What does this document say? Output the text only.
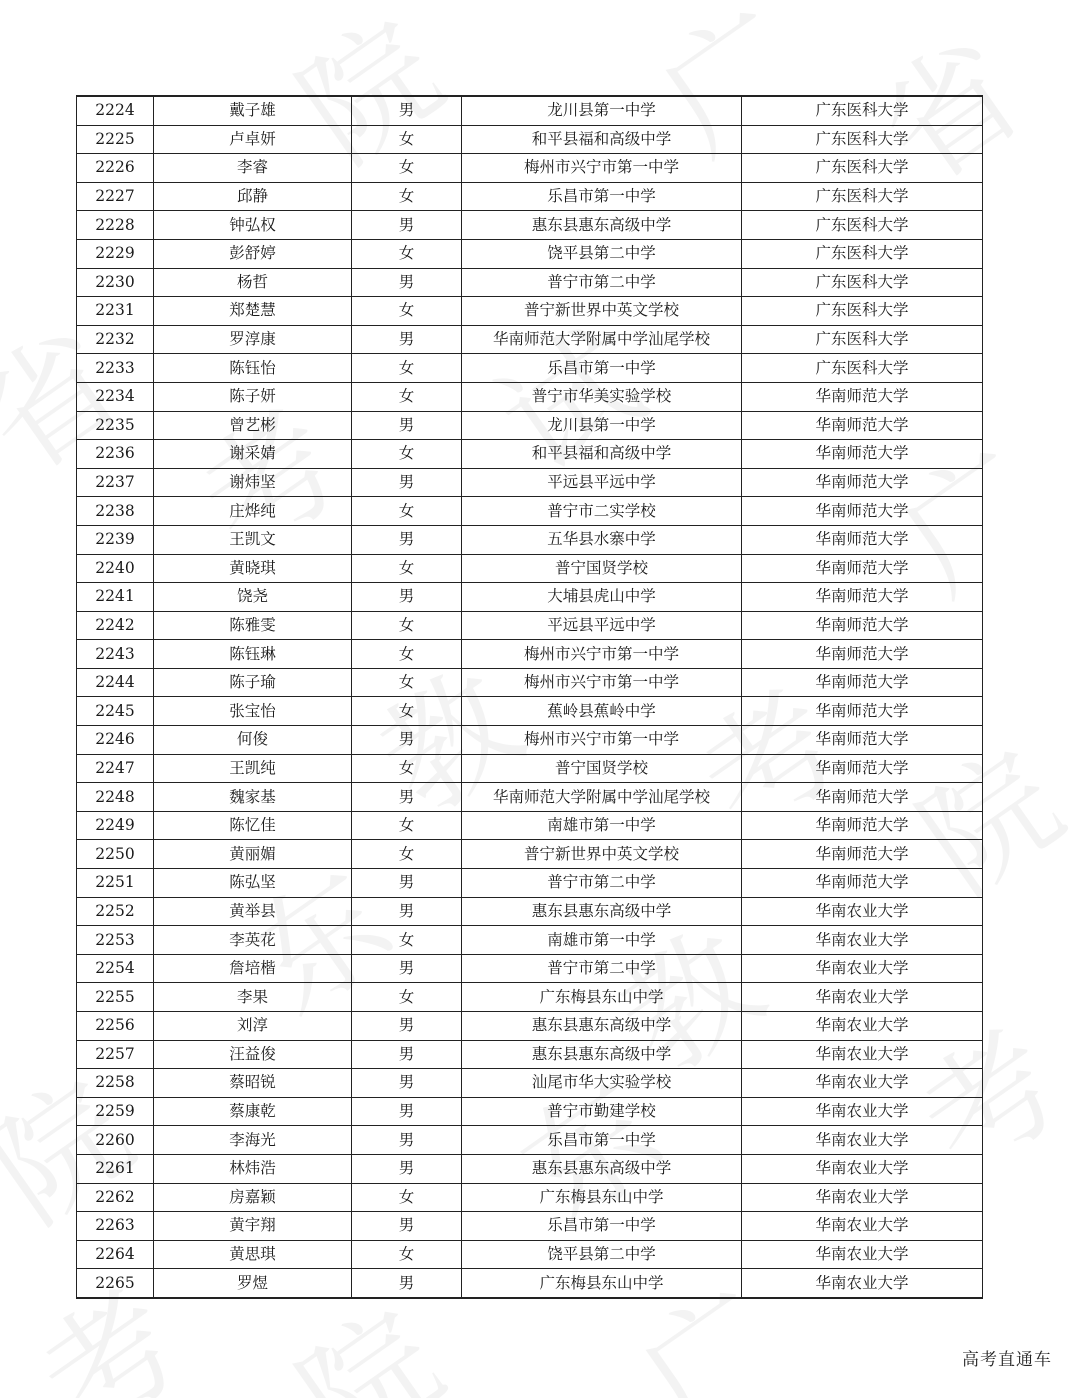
2224	戴子雄	男	龙川县第一中学	广东医科大学
2225	卢卓妍	女	和平县福和高级中学	广东医科大学
2226	李睿	女	梅州市兴宁市第一中学	广东医科大学
2227	邱静	女	乐昌市第一中学	广东医科大学
2228	钟弘权	男	惠东县惠东高级中学	广东医科大学
2229	彭舒婷	女	饶平县第二中学	广东医科大学
2230	杨哲	男	普宁市第二中学	广东医科大学
2231	郑楚慧	女	普宁新世界中英文学校	广东医科大学
2232	罗淳康	男	华南师范大学附属中学汕尾学校	广东医科大学
2233	陈钰怡	女	乐昌市第一中学	广东医科大学
2234	陈子妍	女	普宁市华美实验学校	华南师范大学
2235	曾艺彬	男	龙川县第一中学	华南师范大学
2236	谢采婧	女	和平县福和高级中学	华南师范大学
2237	谢炜坚	男	平远县平远中学	华南师范大学
2238	庄烨纯	女	普宁市二实学校	华南师范大学
2239	王凯文	男	五华县水寨中学	华南师范大学
2240	黄晓琪	女	普宁国贤学校	华南师范大学
2241	饶尧	男	大埔县虎山中学	华南师范大学
2242	陈雅雯	女	平远县平远中学	华南师范大学
2243	陈钰琳	女	梅州市兴宁市第一中学	华南师范大学
2244	陈子瑜	女	梅州市兴宁市第一中学	华南师范大学
2245	张宝怡	女	蕉岭县蕉岭中学	华南师范大学
2246	何俊	男	梅州市兴宁市第一中学	华南师范大学
2247	王凯纯	女	普宁国贤学校	华南师范大学
2248	魏家基	男	华南师范大学附属中学汕尾学校	华南师范大学
2249	陈忆佳	女	南雄市第一中学	华南师范大学
2250	黄丽媚	女	普宁新世界中英文学校	华南师范大学
2251	陈弘坚	男	普宁市第二中学	华南师范大学
2252	黄举县	男	惠东县惠东高级中学	华南农业大学
2253	李英花	女	南雄市第一中学	华南农业大学
2254	詹培楷	男	普宁市第二中学	华南农业大学
2255	李果	女	广东梅县东山中学	华南农业大学
2256	刘淳	男	惠东县惠东高级中学	华南农业大学
2257	汪益俊	男	惠东县惠东高级中学	华南农业大学
2258	蔡昭锐	男	汕尾市华大实验学校	华南农业大学
2259	蔡康乾	男	普宁市勤建学校	华南农业大学
2260	李海光	男	乐昌市第一中学	华南农业大学
2261	林炜浩	男	惠东县惠东高级中学	华南农业大学
2262	房嘉颖	女	广东梅县东山中学	华南农业大学
2263	黄宇翔	男	乐昌市第一中学	华南农业大学
2264	黄思琪	女	饶平县第二中学	华南农业大学
2265	罗煜	男	广东梅县东山中学	华南农业大学
高考直通车
